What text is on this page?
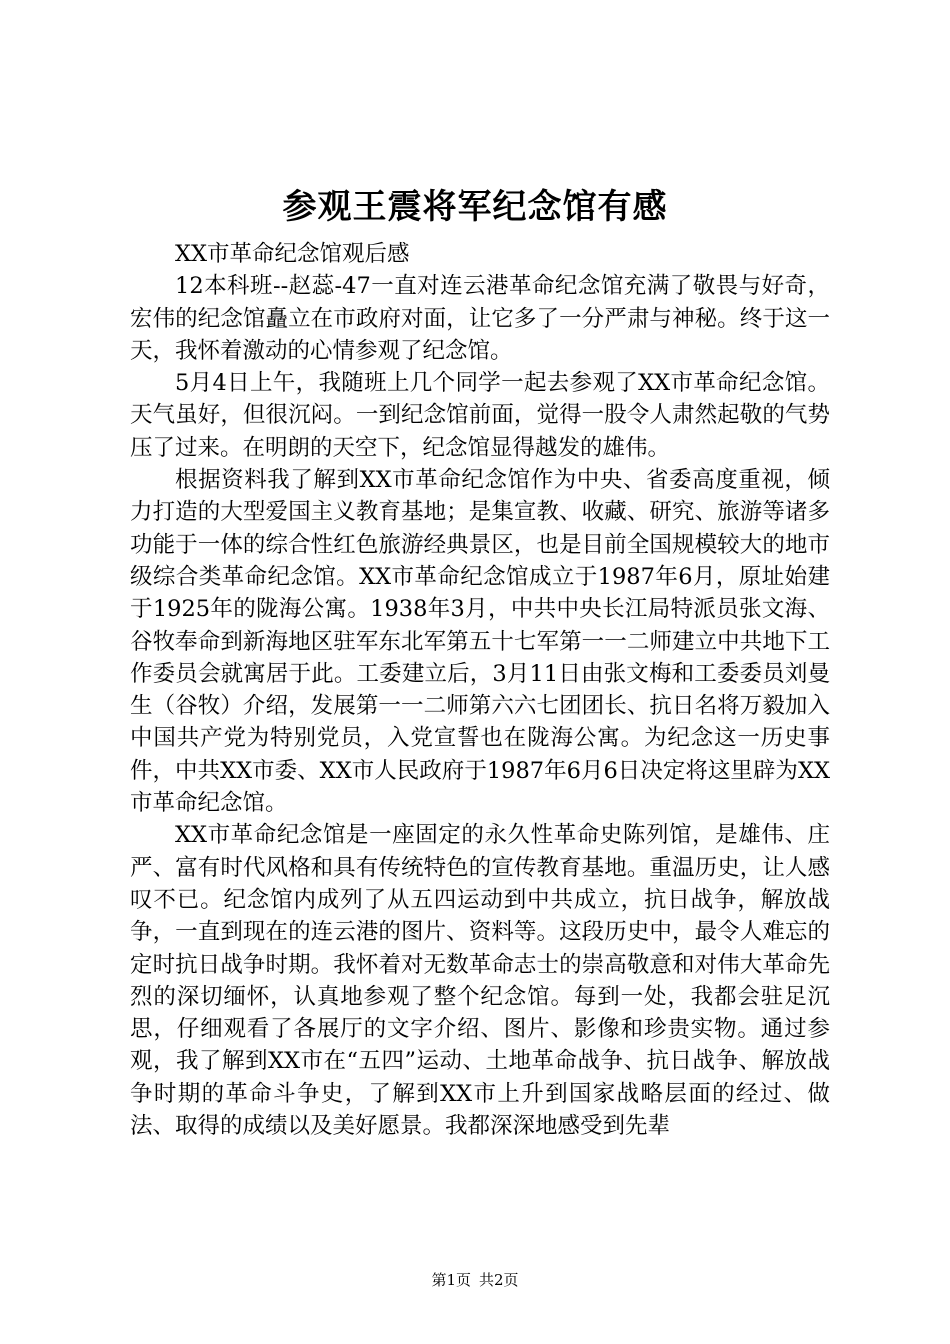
参观王震将军纪念馆有感

XX市革命纪念馆观后感

12本科班--赵蕊-47一直对连云港革命纪念馆充满了敬畏与好奇，宏伟的纪念馆矗立在市政府对面，让它多了一分严肃与神秘。终于这一天，我怀着激动的心情参观了纪念馆。

5月4日上午，我随班上几个同学一起去参观了XX市革命纪念馆。天气虽好，但很沉闷。一到纪念馆前面，觉得一股令人肃然起敬的气势压了过来。在明朗的天空下，纪念馆显得越发的雄伟。

根据资料我了解到XX市革命纪念馆作为中央、省委高度重视，倾力打造的大型爱国主义教育基地；是集宣教、收藏、研究、旅游等诸多功能于一体的综合性红色旅游经典景区，也是目前全国规模较大的地市级综合类革命纪念馆。XX市革命纪念馆成立于1987年6月，原址始建于1925年的陇海公寓。1938年3月，中共中央长江局特派员张文海、谷牧奉命到新海地区驻军东北军第五十七军第一一二师建立中共地下工作委员会就寓居于此。工委建立后，3月11日由张文梅和工委委员刘曼生（谷牧）介绍，发展第一一二师第六六七团团长、抗日名将万毅加入中国共产党为特别党员，入党宣誓也在陇海公寓。为纪念这一历史事件，中共XX市委、XX市人民政府于1987年6月6日决定将这里辟为XX市革命纪念馆。

XX市革命纪念馆是一座固定的永久性革命史陈列馆，是雄伟、庄严、富有时代风格和具有传统特色的宣传教育基地。重温历史，让人感叹不已。纪念馆内成列了从五四运动到中共成立，抗日战争，解放战争，一直到现在的连云港的图片、资料等。这段历史中，最令人难忘的定时抗日战争时期。我怀着对无数革命志士的崇高敬意和对伟大革命先烈的深切缅怀，认真地参观了整个纪念馆。每到一处，我都会驻足沉思，仔细观看了各展厅的文字介绍、图片、影像和珍贵实物。通过参观，我了解到XX市在“五四”运动、土地革命战争、抗日战争、解放战争时期的革命斗争史，了解到XX市上升到国家战略层面的经过、做法、取得的成绩以及美好愿景。我都深深地感受到先辈

第1页 共2页
